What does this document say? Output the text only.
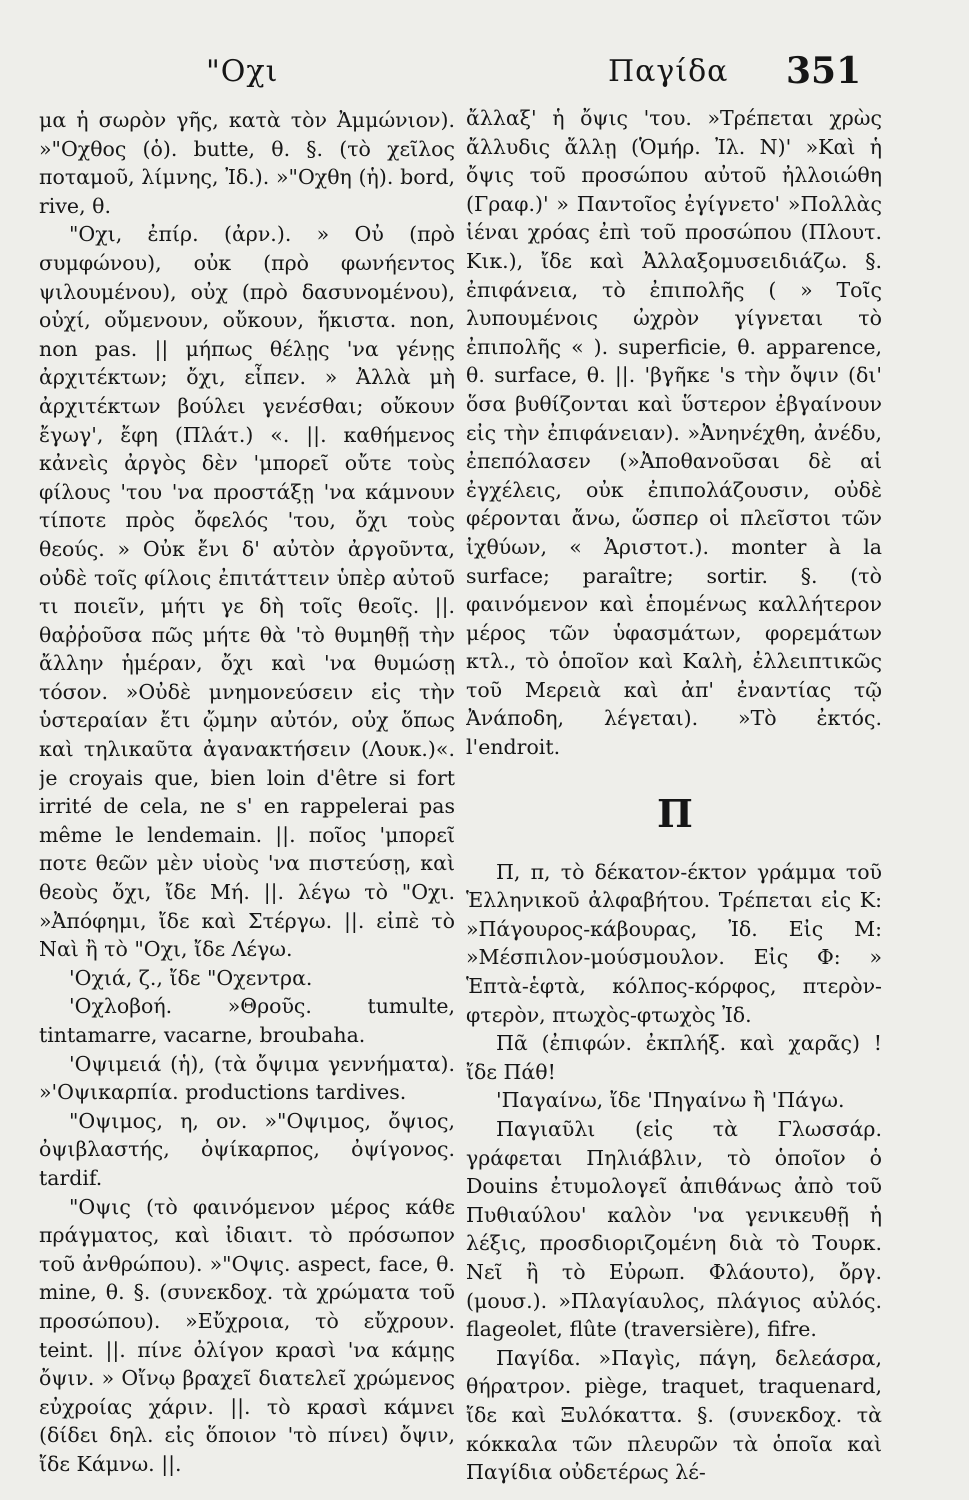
"Οχι	Παγίδα 351

μα ἡ σωρὸν γῆς, κατὰ τὸν Ἀμμώνιον). »"Οχθος (ὁ). butte, θ. §. (τὸ χεῖλος ποταμοῦ, λίμνης, Ἰδ.). »"Οχθη (ἡ). bord, rive, θ.

"Οχι, ἐπίρ. (ἀρν.). » Οὐ (πρὸ συμφώνου), οὐκ (πρὸ φωνήεντος ψιλουμένου), οὐχ (πρὸ δασυνομένου), οὐχί, οὔμενουν, οὔκουν, ἥκιστα. non, non pas. || μήπως θέλῃς 'να γένῃς ἀρχιτέκτων; ὄχι, εἶπεν. » Ἀλλὰ μὴ ἀρχιτέκτων βούλει γενέσθαι; οὔκουν ἔγωγ', ἔφη (Πλάτ.) «. ||. καθήμενος κἀνεὶς ἀργὸς δὲν 'μπορεῖ οὔτε τοὺς φίλους 'του 'να προστάξῃ 'να κάμνουν τίποτε πρὸς ὄφελός 'του, ὄχι τοὺς θεούς. » Οὐκ ἔνι δ' αὐτὸν ἀργοῦντα, οὐδὲ τοῖς φίλοις ἐπιτάττειν ὑπὲρ αὐτοῦ τι ποιεῖν, μήτι γε δὴ τοῖς θεοῖς. ||. θαῤῥοῦσα πῶς μήτε θὰ 'τὸ θυμηθῇ τὴν ἄλλην ἡμέραν, ὄχι καὶ 'να θυμώσῃ τόσον. »Οὐδὲ μνημονεύσειν εἰς τὴν ὑστεραίαν ἔτι ᾤμην αὐτόν, οὐχ ὅπως καὶ τηλικαῦτα ἀγανακτήσειν (Λουκ.)«. je croyais que, bien loin d'être si fort irrité de cela, ne s' en rappelerai pas même le lendemain. ||. ποῖος 'μπορεῖ ποτε θεῶν μὲν υἱοὺς 'να πιστεύσῃ, καὶ θεοὺς ὄχι, ἴδε Μή. ||. λέγω τὸ "Οχι. »Ἀπόφημι, ἴδε καὶ Στέργω. ||. εἰπὲ τὸ Ναὶ ἢ τὸ "Οχι, ἴδε Λέγω.

'Οχιά, ζ., ἴδε "Οχεντρα.

'Οχλοβοή. »Θροῦς. tumulte, tintamarre, vacarne, broubaha.

'Οψιμειά (ἡ), (τὰ ὄψιμα γεννήματα). »'Οψικαρπία. productions tardives.

"Οψιμος, η, ον. »"Οψιμος, ὄψιος, ὀψιβλαστής, ὀψίκαρπος, ὀψίγονος. tardif.

"Οψις (τὸ φαινόμενον μέρος κάθε πράγματος, καὶ ἰδιαιτ. τὸ πρόσωπον τοῦ ἀνθρώπου). »"Οψις. aspect, face, θ. mine, θ. §. (συνεκδοχ. τὰ χρώματα τοῦ προσώπου). »Εὔχροια, τὸ εὔχρουν. teint. ||. πίνε ὀλίγον κρασὶ 'να κάμῃς ὄψιν. » Οἴνῳ βραχεῖ διατελεῖ χρώμενος εὐχροίας χάριν. ||. τὸ κρασὶ κάμνει (δίδει δηλ. εἰς ὅποιον 'τὸ πίνει) ὄψιν, ἴδε Κάμνω. ||.

ἄλλαξ' ἡ ὄψις 'του. »Τρέπεται χρὼς ἄλλυδις ἄλλῃ (Ὁμήρ. Ἰλ. Ν)' »Καὶ ἡ ὄψις τοῦ προσώπου αὐτοῦ ἠλλοιώθη (Γραφ.)' » Παντοῖος ἐγίγνετο' »Πολλὰς ἱέναι χρόας ἐπὶ τοῦ προσώπου (Πλουτ. Κικ.), ἴδε καὶ Ἀλλαξομυσειδιάζω. §. ἐπιφάνεια, τὸ ἐπιπολῆς ( » Τοῖς λυπουμένοις ὠχρὸν γίγνεται τὸ ἐπιπολῆς « ). superficie, θ. apparence, θ. surface, θ. ||. 'βγῆκε 's τὴν ὄψιν (δι' ὅσα βυθίζονται καὶ ὕστερον ἐβγαίνουν εἰς τὴν ἐπιφάνειαν). »Ἀνηνέχθη, ἀνέδυ, ἐπεπόλασεν (»Ἀποθανοῦσαι δὲ αἱ ἐγχέλεις, οὐκ ἐπιπολάζουσιν, οὐδὲ φέρονται ἄνω, ὥσπερ οἱ πλεῖστοι τῶν ἰχθύων, « Ἀριστοτ.). monter à la surface; paraître; sortir. §. (τὸ φαινόμενον καὶ ἑπομένως καλλήτερον μέρος τῶν ὑφασμάτων, φορεμάτων κτλ., τὸ ὁποῖον καὶ Καλὴ, ἐλλειπτικῶς τοῦ Μερειὰ καὶ ἀπ' ἐναντίας τῷ Ἀνάποδη, λέγεται). »Τὸ ἐκτός. l'endroit.

Π

Π, π, τὸ δέκατον-έκτον γράμμα τοῦ Ἑλληνικοῦ ἀλφαβήτου. Τρέπεται εἰς Κ: »Πάγουρος-κάβουρας, Ἰδ. Εἰς Μ: »Μέσπιλον-μούσμουλον. Εἰς Φ: » Ἑπτὰ-ἑφτὰ, κόλπος-κόρφος, πτερὸν-φτερὸν, πτωχὸς-φτωχὸς Ἰδ.

Πᾶ (ἐπιφών. ἐκπλήξ. καὶ χαρᾶς) ! ἴδε Πάθ!

'Παγαίνω, ἴδε 'Πηγαίνω ἢ 'Πάγω.

Παγιαῦλι (εἰς τὰ Γλωσσάρ. γράφεται Πηλιάβλιν, τὸ ὁποῖον ὁ Douins ἐτυμολογεῖ ἀπιθάνως ἀπὸ τοῦ Πυθιαύλου' καλὸν 'να γενικευθῇ ἡ λέξις, προσδιοριζομένη διὰ τὸ Τουρκ. Νεῖ ἢ τὸ Εὐρωπ. Φλάουτο), ὄργ. (μουσ.). »Πλαγίαυλος, πλάγιος αὐλός. flageolet, flûte (traversière), fifre.

Παγίδα. »Παγὶς, πάγη, δελεάσρα, θήρατρον. piège, traquet, traquenard, ἴδε καὶ Ξυλόκαττα. §. (συνεκδοχ. τὰ κόκκαλα τῶν πλευρῶν τὰ ὁποῖα καὶ Παγίδια οὐδετέρως λέ-
